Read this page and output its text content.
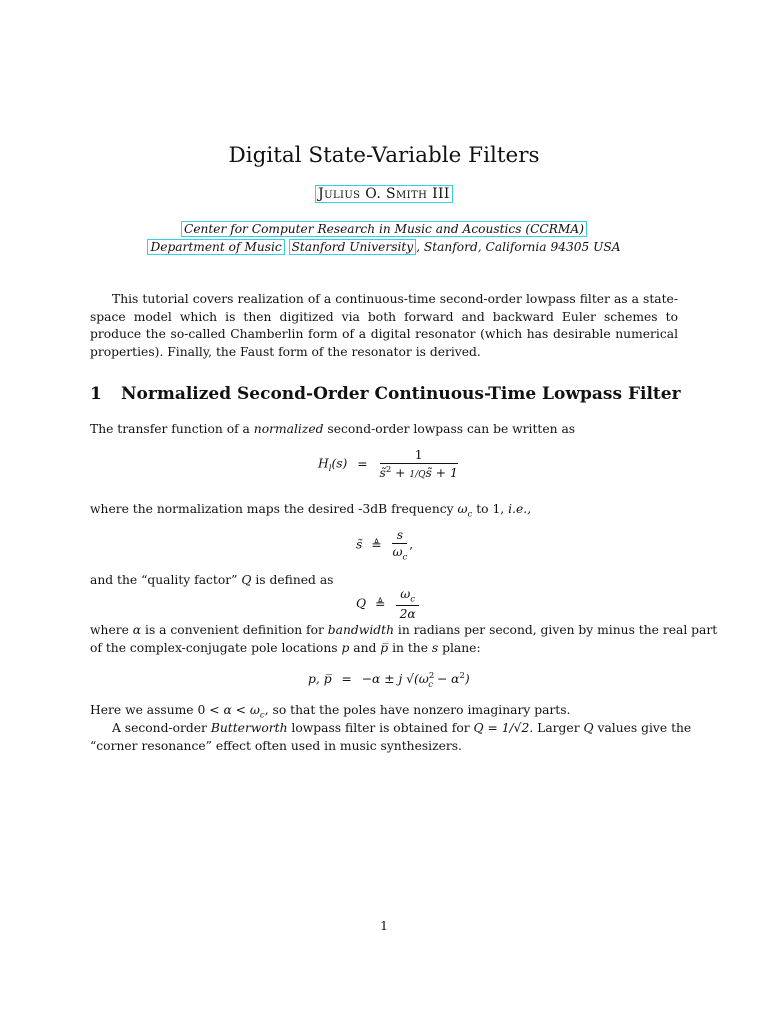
Digital State-Variable Filters
Julius O. Smith III
Center for Computer Research in Music and Acoustics (CCRMA)
Department of Music Stanford University , Stanford, California 94305 USA
This tutorial covers realization of a continuous-time second-order lowpass filter as a state-space model which is then digitized via both forward and backward Euler schemes to produce the so-called Chamberlin form of a digital resonator (which has desirable numerical properties). Finally, the Faust form of the resonator is derived.
1 Normalized Second-Order Continuous-Time Lowpass Filter
The transfer function of a normalized second-order lowpass can be written as
$H_l(s) = \frac{1}{s̃^2 + 1/Qs̃ + 1}$
where the normalization maps the desired -3dB frequency $\omega_c$ to 1, i.e.,
s̃ ≜ $\frac{s}{\omega_c}$ ,
and the “quality factor” Q is defined as
Q ≜ $\frac{\omega_c}{2\alpha}$
where α is a convenient definition for bandwidth in radians per second, given by minus the real part
of the complex-conjugate pole locations p and p̅ in the s plane:
p, p̅ = −α ± j $√(\omega^2_c - \alpha^2)$
Here we assume $0 < \alpha < \omega_c$, so that the poles have nonzero imaginary parts.
A second-order Butterworth lowpass filter is obtained for Q = 1/√2. Larger Q values give the
“corner resonance” effect often used in music synthesizers.
1
